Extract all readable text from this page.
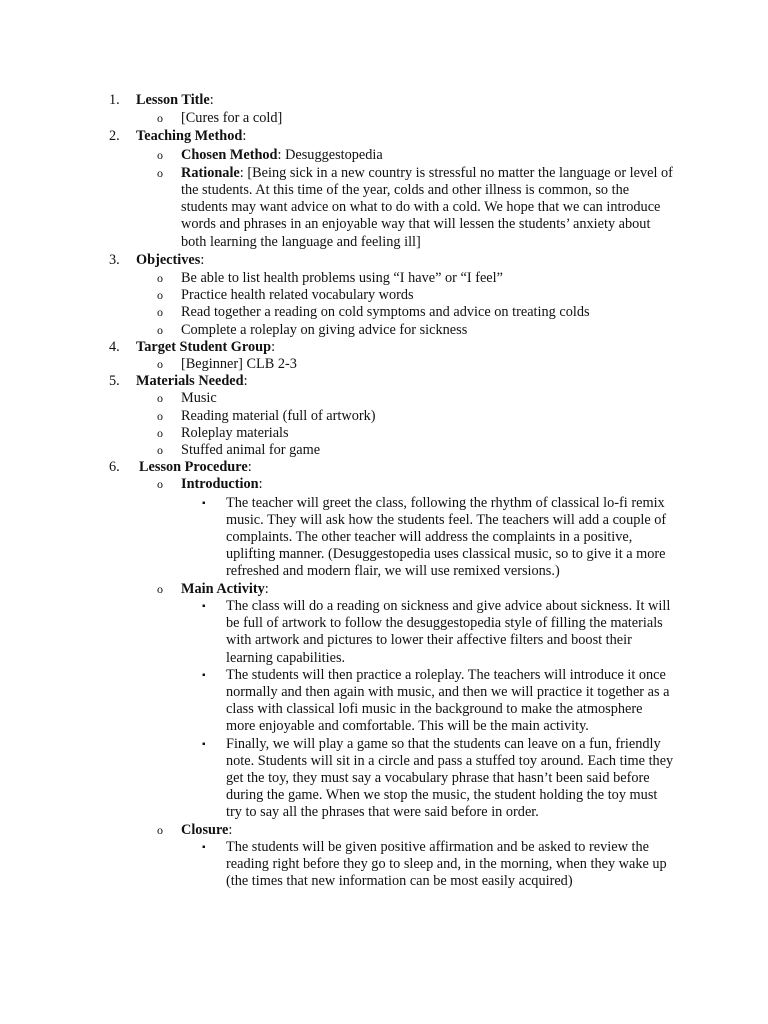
1.	Lesson Title:
o [Cures for a cold]
2.	Teaching Method:
o Chosen Method: Desuggestopedia
o Rationale: [Being sick in a new country is stressful no matter the language or level of the students. At this time of the year, colds and other illness is common, so the students may want advice on what to do with a cold. We hope that we can introduce words and phrases in an enjoyable way that will lessen the students’ anxiety about both learning the language and feeling ill]
3.	Objectives:
o Be able to list health problems using “I have” or “I feel”
o Practice health related vocabulary words
o Read together a reading on cold symptoms and advice on treating colds
o Complete a roleplay on giving advice for sickness
4.	Target Student Group:
o [Beginner] CLB 2-3
5.	Materials Needed:
o Music
o Reading material (full of artwork)
o Roleplay materials
o Stuffed animal for game
6.	Lesson Procedure:
o Introduction:
▪ The teacher will greet the class, following the rhythm of classical lo-fi remix music. They will ask how the students feel. The teachers will add a couple of complaints. The other teacher will address the complaints in a positive, uplifting manner. (Desuggestopedia uses classical music, so to give it a more refreshed and modern flair, we will use remixed versions.)
o Main Activity:
▪ The class will do a reading on sickness and give advice about sickness. It will be full of artwork to follow the desuggestopedia style of filling the materials with artwork and pictures to lower their affective filters and boost their learning capabilities.
▪ The students will then practice a roleplay. The teachers will introduce it once normally and then again with music, and then we will practice it together as a class with classical lofi music in the background to make the atmosphere more enjoyable and comfortable. This will be the main activity.
▪ Finally, we will play a game so that the students can leave on a fun, friendly note. Students will sit in a circle and pass a stuffed toy around. Each time they get the toy, they must say a vocabulary phrase that hasn’t been said before during the game. When we stop the music, the student holding the toy must try to say all the phrases that were said before in order.
o Closure:
▪ The students will be given positive affirmation and be asked to review the reading right before they go to sleep and, in the morning, when they wake up (the times that new information can be most easily acquired)
